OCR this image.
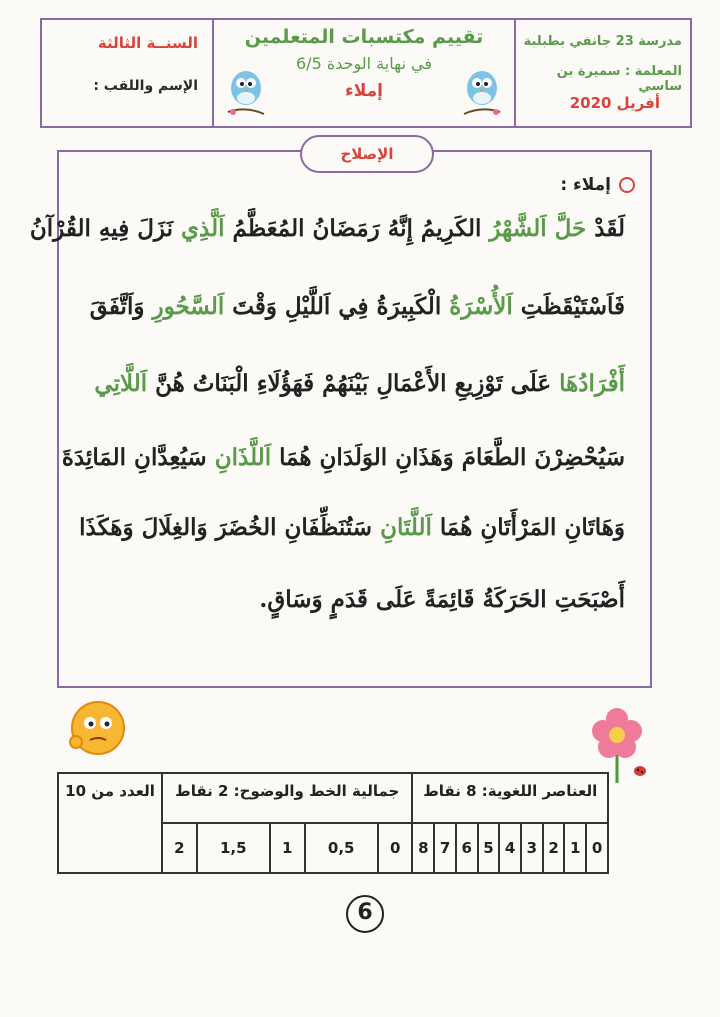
السنــة الثالثة
الإسم واللقب :
تقييم مكتسبات المتعلمين
في نهاية الوحدة 6/5
إملاء
مدرسة 23 جانفي بطبلبة
المعلمة : سميرة بن ساسي
أفريل 2020
الإصلاح
إملاء :
لَقَدْ حَلَّ اَلشَّهْرُ الكَرِيمُ إِنَّهُ رَمَضَانُ المُعَظَّمُ اَلَّذِي نَزَلَ فِيهِ القُرْآنُ
فَاَسْتَيْقَظَتِ اَلأُسْرَةُ الْكَبِيرَةُ فِي اَللَّيْلِ وَقْتَ اَلسَّحُورِ وَاَتَّفَقَ
أَفْرَادُهَا عَلَى تَوْزِيعِ الأَعْمَالِ بَيْنَهُمْ فَهَؤُلَاءِ الْبَنَاتُ هُنَّ اَللَّاتِي
سَيُحْضِرْنَ الطَّعَامَ وَهَذَانِ الوَلَدَانِ هُمَا اَللَّذَانِ سَيُعِدَّانِ المَائِدَةَ
وَهَاتَانِ المَرْأَتَانِ هُمَا اَللَّتَانِ سَتُنَظِّفَانِ الخُضَرَ وَالغِلَالَ وَهَكَذَا
أَصْبَحَتِ الحَرَكَةُ قَائِمَةً عَلَى قَدَمٍ وَسَاقٍ.
العدد من 10	جمالية الخط والوضوح: 2 نقاط					العناصر اللغوية: 8 نقاط								
	2	1,5	1	0,5	0	8	7	6	5	4	3	2	1	0
6
